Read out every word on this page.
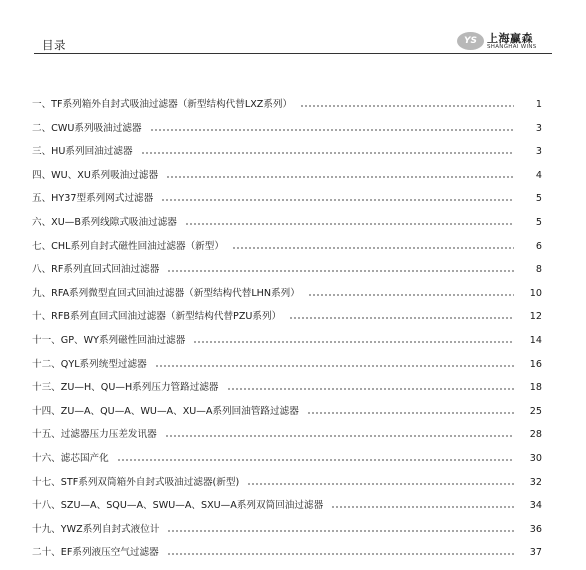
目录	YS 上海赢森
SHANGHAI WINS
一、TF系列箱外自封式吸油过滤器（新型结构代替LXZ系列）	1
二、CWU系列吸油过滤器	3
三、HU系列回油过滤器	3
四、WU、XU系列吸油过滤器	4
五、HY37型系列网式过滤器	5
六、XU—B系列线隙式吸油过滤器	5
七、CHL系列自封式磁性回油过滤器（新型）	6
八、RF系列直回式回油过滤器	8
九、RFA系列微型直回式回油过滤器（新型结构代替LHN系列）	10
十、RFB系列直回式回油过滤器（新型结构代替PZU系列）	12
十一、GP、WY系列磁性回油过滤器	14
十二、QYL系列统型过滤器	16
十三、ZU—H、QU—H系列压力管路过滤器	18
十四、ZU—A、QU—A、WU—A、XU—A系列回油管路过滤器	25
十五、过滤器压力压差发讯器	28
十六、滤芯国产化	30
十七、STF系列双筒箱外自封式吸油过滤器(新型)	32
十八、SZU—A、SQU—A、SWU—A、SXU—A系列双筒回油过滤器	34
十九、YWZ系列自封式液位计	36
二十、EF系列液压空气过滤器	37
